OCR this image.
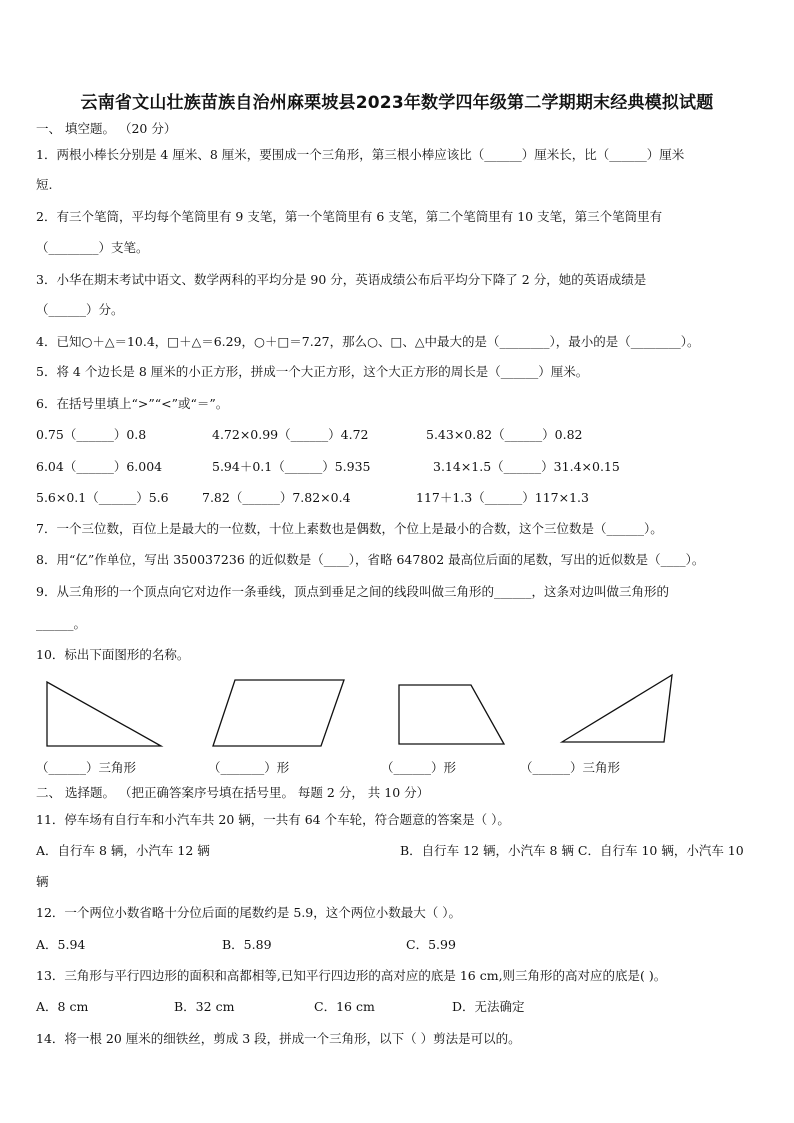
云南省文山壮族苗族自治州麻栗坡县2023年数学四年级第二学期期末经典模拟试题
一、 填空题。 （20 分）
1．两根小棒长分别是 4 厘米、8 厘米，要围成一个三角形，第三根小棒应该比（______）厘米长，比（______）厘米
短.
2．有三个笔筒，平均每个笔筒里有 9 支笔，第一个笔筒里有 6 支笔，第二个笔筒里有 10 支笔，第三个笔筒里有
（________）支笔。
3．小华在期末考试中语文、数学两科的平均分是 90 分，英语成绩公布后平均分下降了 2 分，她的英语成绩是
（______）分。
4．已知○＋△＝10.4，□＋△＝6.29，○＋□＝7.27，那么○、□、△中最大的是（________），最小的是（________）。
5．将 4 个边长是 8 厘米的小正方形，拼成一个大正方形，这个大正方形的周长是（______）厘米。
6．在括号里填上“>”“<”或“＝”。
0.75（______）0.8	4.72×0.99（______）4.72	5.43×0.82（______）0.82
6.04（______）6.004	5.94＋0.1（______）5.935	3.14×1.5（______）31.4×0.15
5.6×0.1（______）5.6	7.82（______）7.82×0.4	117＋1.3（______）117×1.3
7．一个三位数，百位上是最大的一位数，十位上素数也是偶数，个位上是最小的合数，这个三位数是（______）。
8．用“亿”作单位，写出 350037236 的近似数是（____），省略 647802 最高位后面的尾数，写出的近似数是（____）。
9．从三角形的一个顶点向它对边作一条垂线，顶点到垂足之间的线段叫做三角形的______，这条对边叫做三角形的
______。
10．标出下面图形的名称。
（______）三角形	（_______）形	（______）形	（______）三角形
二、 选择题。 （把正确答案序号填在括号里。 每题 2 分， 共 10 分）
11．停车场有自行车和小汽车共 20 辆，一共有 64 个车轮，符合题意的答案是（ ）。
A．自行车 8 辆，小汽车 12 辆	B．自行车 12 辆，小汽车 8 辆 C．自行车 10 辆，小汽车 10
辆
12．一个两位小数省略十分位后面的尾数约是 5.9，这个两位小数最大（ ）。
A．5.94	B．5.89	C．5.99
13．三角形与平行四边形的面积和高都相等,已知平行四边形的高对应的底是 16 cm,则三角形的高对应的底是( )。
A．8 cm	B．32 cm	C．16 cm	D．无法确定
14．将一根 20 厘米的细铁丝，剪成 3 段，拼成一个三角形，以下（ ）剪法是可以的。
